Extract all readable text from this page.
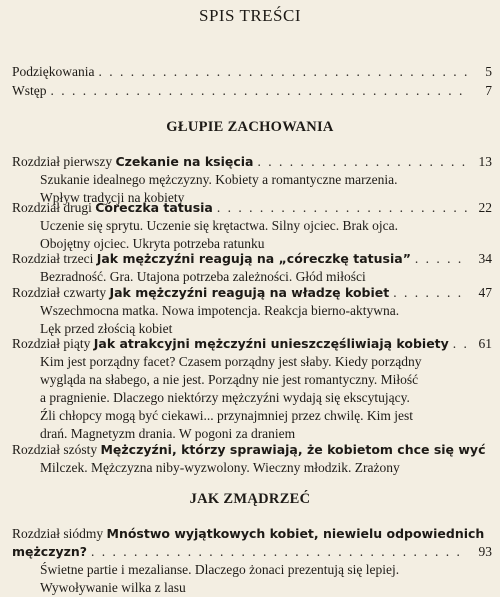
SPIS TREŚCI
Podziękowania . . .	5
Wstęp . . .	7
GŁUPIE ZACHOWANIA
Rozdział pierwszy
Czekanie na księcia . . .	13
Szukanie idealnego mężczyzny. Kobiety a romantyczne marzenia.
Wpływ tradycji na kobiety
Rozdział drugi
Córeczka tatusia . . .	22
Uczenie się sprytu. Uczenie się krętactwa. Silny ojciec. Brak ojca.
Obojętny ojciec. Ukryta potrzeba ratunku
Rozdział trzeci
Jak mężczyźni reagują na „córeczkę tatusia” . . .	34
Bezradność. Gra. Utajona potrzeba zależności. Głód miłości
Rozdział czwarty
Jak mężczyźni reagują na władzę kobiet . . .	47
Wszechmocna matka. Nowa impotencja. Reakcja bierno-aktywna.
Lęk przed złością kobiet
Rozdział piąty
Jak atrakcyjni mężczyźni unieszczęśliwiają kobiety . . .	61
Kim jest porządny facet? Czasem porządny jest słaby. Kiedy porządny
wygląda na słabego, a nie jest. Porządny nie jest romantyczny. Miłość
a pragnienie. Dlaczego niektórzy mężczyźni wydają się ekscytujący.
Źli chłopcy mogą być ciekawi... przynajmniej przez chwilę. Kim jest
drań. Magnetyzm drania. W pogoni za draniem
Rozdział szósty
Mężczyźni, którzy sprawiają, że kobietom chce się wyć
Milczek. Mężczyzna niby-wyzwolony. Wieczny młodzik. Zrażony
JAK ZMĄDRZEĆ
Rozdział siódmy
Mnóstwo wyjątkowych kobiet, niewielu odpowiednich
mężczyzn? . . .	93
Świetne partie i mezalianse. Dlaczego żonaci prezentują się lepiej.
Wywoływanie wilka z lasu
